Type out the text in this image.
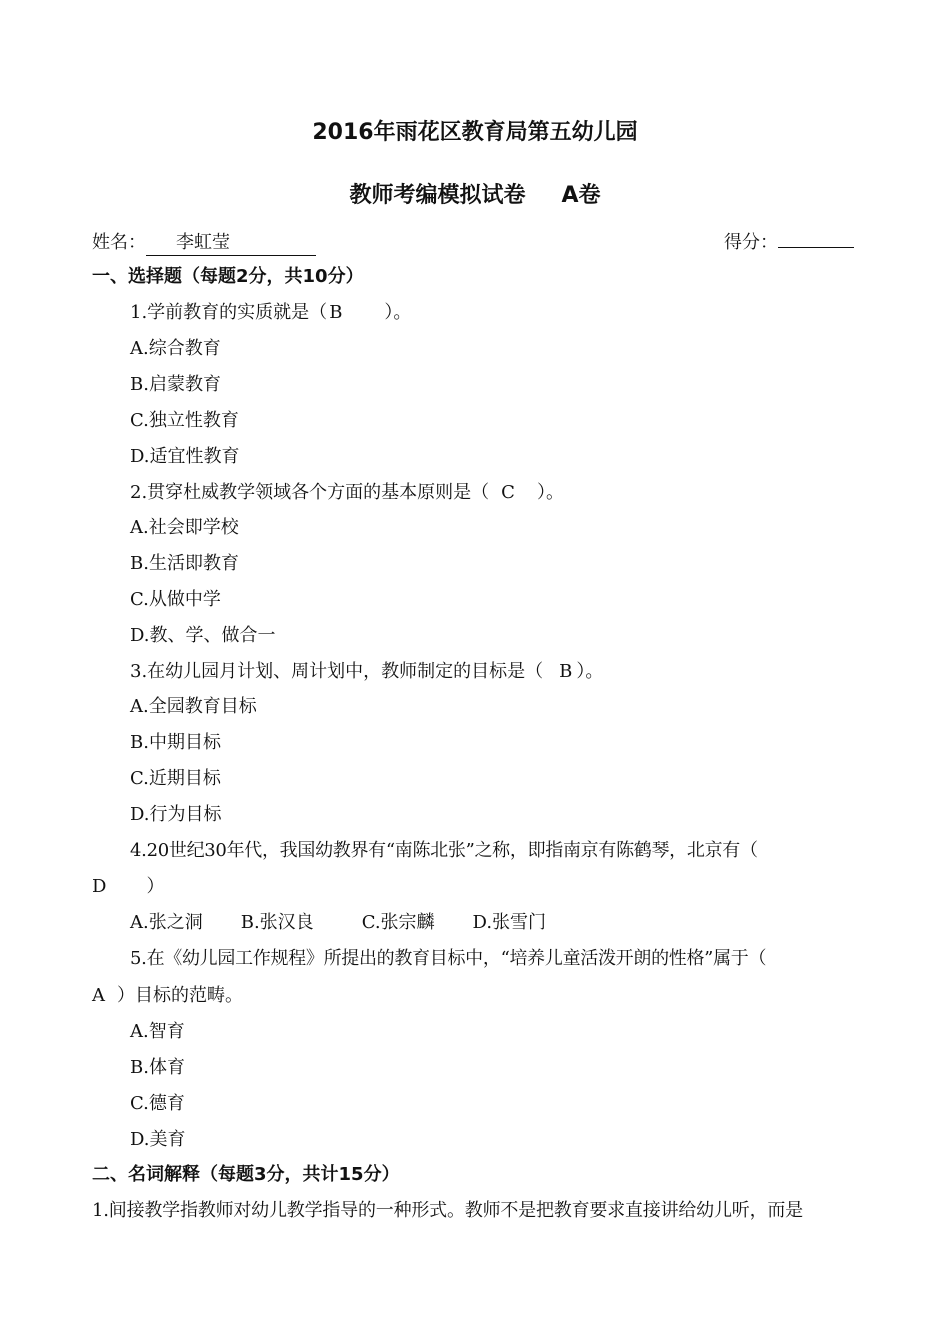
2016年雨花区教育局第五幼儿园
教师考编模拟试卷 A卷
姓名： 李虹莹	得分：
一、选择题（每题2分，共10分）
1.学前教育的实质就是（ B ）。
A.综合教育
B.启蒙教育
C.独立性教育
D.适宜性教育
2.贯穿杜威教学领域各个方面的基本原则是（ C ）。
A.社会即学校
B.生活即教育
C.从做中学
D.教、学、做合一
3.在幼儿园月计划、周计划中，教师制定的目标是（ B ）。
A.全园教育目标
B.中期目标
C.近期目标
D.行为目标
4.20世纪30年代，我国幼教界有“南陈北张”之称，即指南京有陈鹤琴，北京有（
D ）
A.张之洞 B.张汉良	C.张宗麟 D.张雪门
5.在《幼儿园工作规程》所提出的教育目标中，“培养儿童活泼开朗的性格”属于（
A ）目标的范畴。
A.智育
B.体育
C.德育
D.美育
二、名词解释（每题3分，共计15分）
1.间接教学指教师对幼儿教学指导的一种形式。教师不是把教育要求直接讲给幼儿听，而是
